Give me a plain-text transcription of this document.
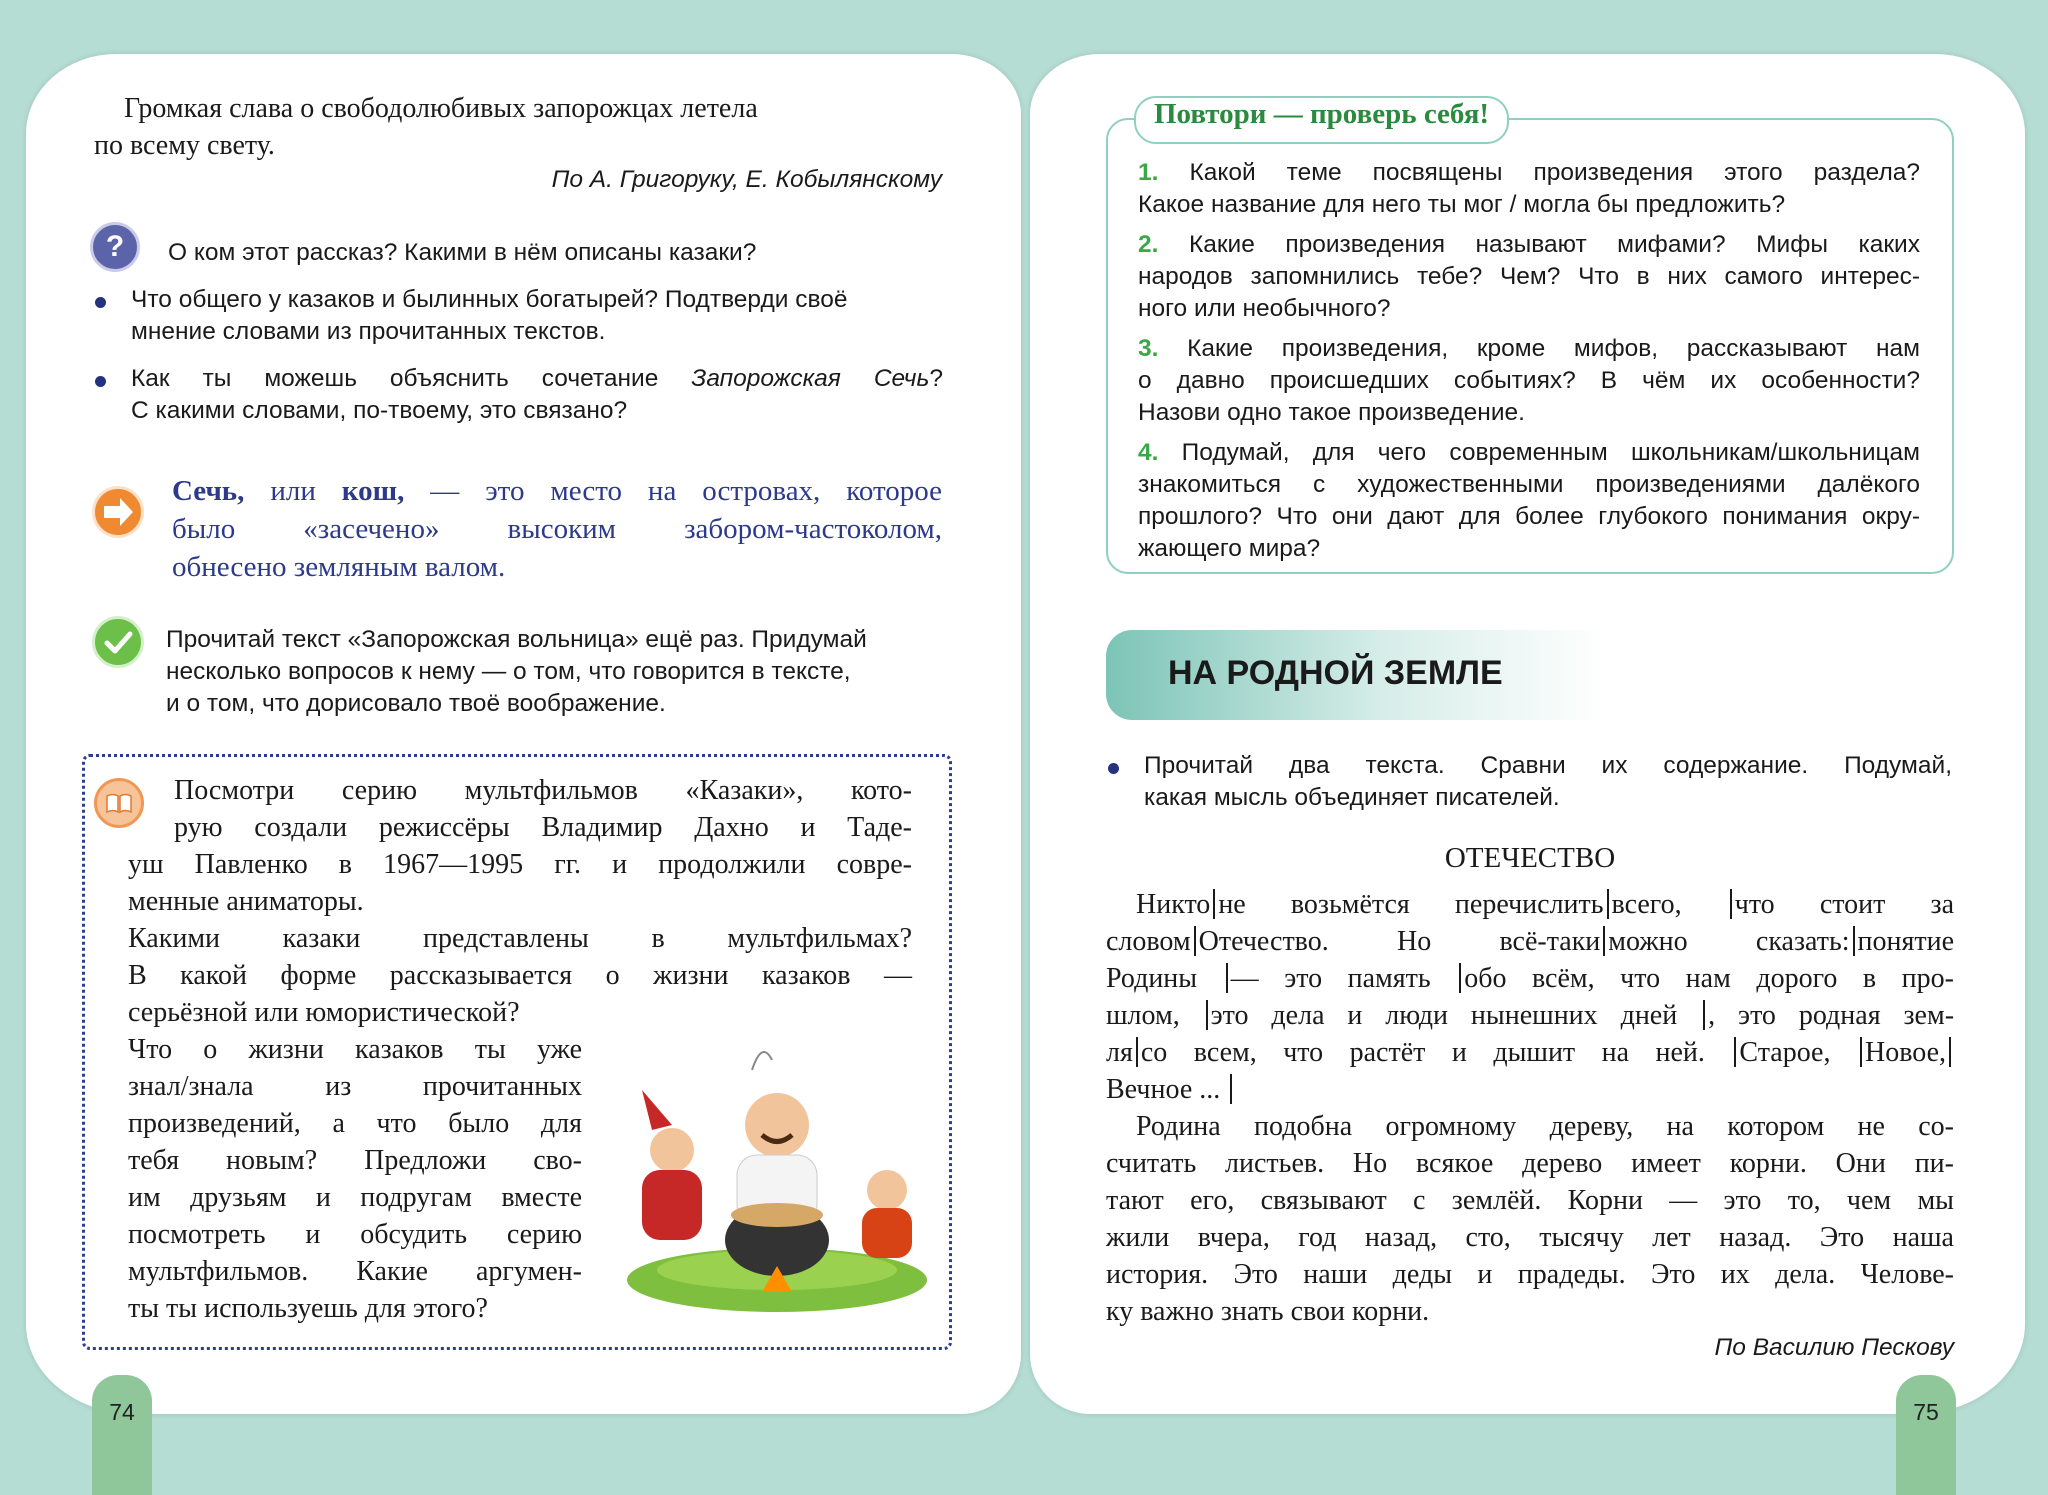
74	75
Громкая слава о свободолюбивых запорожцах летела
по всему свету.
По А. Григоруку, Е. Кобылянскому
?	О ком этот рассказ? Какими в нём описаны казаки?
Что общего у казаков и былинных богатырей? Подтверди своё
мнение словами из прочитанных текстов.
Как ты можешь объяснить сочетание Запорожская Сечь?
С какими словами, по-твоему, это связано?
Сечь, или кош, — это место на островах, которое
было «засечено» высоким забором-частоколом,
обнесено земляным валом.
Прочитай текст «Запорожская вольница» ещё раз. Придумай
несколько вопросов к нему — о том, что говорится в тексте,
и о том, что дорисовало твоё воображение.
Посмотри серию мультфильмов «Казаки», кото-
рую создали режиссёры Владимир Дахно и Таде-
уш Павленко в 1967—1995 гг. и продолжили совре-
менные аниматоры.
Какими казаки представлены в мультфильмах?
В какой форме рассказывается о жизни казаков —
серьёзной или юмористической?
Что о жизни казаков ты уже
знал/знала из прочитанных
произведений, а что было для
тебя новым? Предложи сво-
им друзьям и подругам вместе
посмотреть и обсудить серию
мультфильмов. Какие аргумен-
ты ты используешь для этого?
Повтори — проверь себя!
1. Какой теме посвящены произведения этого раздела?
Какое название для него ты мог / могла бы предложить?
2. Какие произведения называют мифами? Мифы каких
народов запомнились тебе? Чем? Что в них самого интерес-
ного или необычного?
3. Какие произведения, кроме мифов, рассказывают нам
о давно происшедших событиях? В чём их особенности?
Назови одно такое произведение.
4. Подумай, для чего современным школьникам/школьницам
знакомиться с художественными произведениями далёкого
прошлого? Что они дают для более глубокого понимания окру-
жающего мира?
НА РОДНОЙ ЗЕМЛЕ
Прочитай два текста. Сравни их содержание. Подумай,
какая мысль объединяет писателей.
ОТЕЧЕСТВО
Никто не возьмётся перечислить всего, что стоит за
словом Отечество. Но всё-таки можно сказать: понятие
Родины — это память обо всём, что нам дорого в про-
шлом, это дела и люди нынешних дней , это родная зем-
ля со всем, что растёт и дышит на ней. Старое, Новое,
Вечное ...
Родина подобна огромному дереву, на котором не со-
считать листьев. Но всякое дерево имеет корни. Они пи-
тают его, связывают с землёй. Корни — это то, чем мы
жили вчера, год назад, сто, тысячу лет назад. Это наша
история. Это наши деды и прадеды. Это их дела. Челове-
ку важно знать свои корни.
По Василию Пескову
